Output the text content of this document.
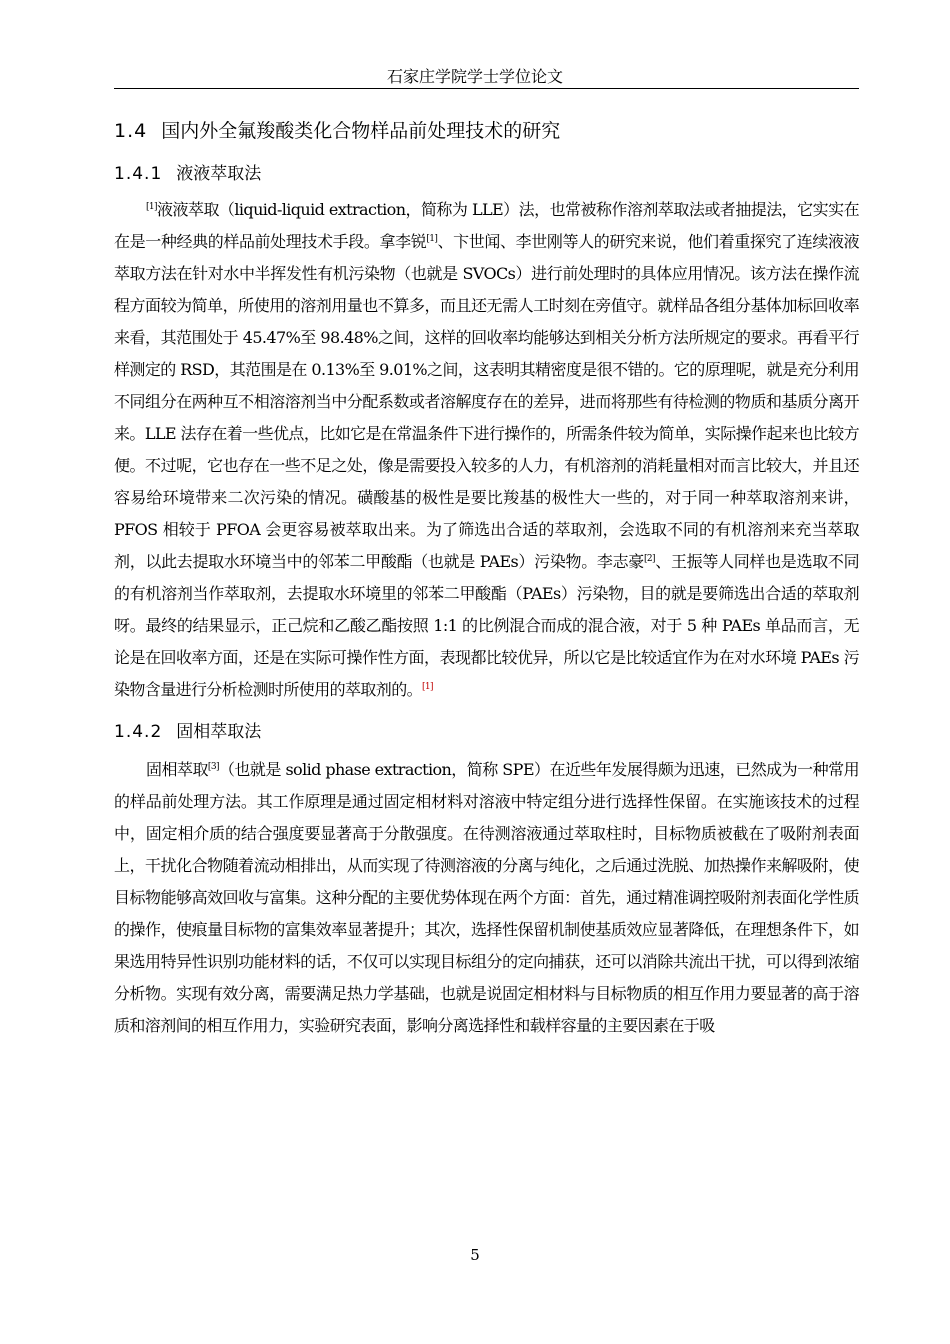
石家庄学院学士学位论文
1.4 国内外全氟羧酸类化合物样品前处理技术的研究
1.4.1 液液萃取法

[1]液液萃取（liquid-liquid extraction，简称为 LLE）法，也常被称作溶剂萃取法或者抽提法，它实实在在是一种经典的样品前处理技术手段。拿李锐[1]、卞世闻、李世刚等人的研究来说，他们着重探究了连续液液萃取方法在针对水中半挥发性有机污染物（也就是 SVOCs）进行前处理时的具体应用情况。该方法在操作流程方面较为简单，所使用的溶剂用量也不算多，而且还无需人工时刻在旁值守。就样品各组分基体加标回收率来看，其范围处于 45.47%至 98.48%之间，这样的回收率均能够达到相关分析方法所规定的要求。再看平行样测定的 RSD，其范围是在 0.13%至 9.01%之间，这表明其精密度是很不错的。它的原理呢，就是充分利用不同组分在两种互不相溶溶剂当中分配系数或者溶解度存在的差异，进而将那些有待检测的物质和基质分离开来。LLE 法存在着一些优点，比如它是在常温条件下进行操作的，所需条件较为简单，实际操作起来也比较方便。不过呢，它也存在一些不足之处，像是需要投入较多的人力，有机溶剂的消耗量相对而言比较大，并且还容易给环境带来二次污染的情况。磺酸基的极性是要比羧基的极性大一些的，对于同一种萃取溶剂来讲，PFOS 相较于 PFOA 会更容易被萃取出来。为了筛选出合适的萃取剂，会选取不同的有机溶剂来充当萃取剂，以此去提取水环境当中的邻苯二甲酸酯（也就是 PAEs）污染物。李志豪[2]、王振等人同样也是选取不同的有机溶剂当作萃取剂，去提取水环境里的邻苯二甲酸酯（PAEs）污染物，目的就是要筛选出合适的萃取剂呀。最终的结果显示，正己烷和乙酸乙酯按照 1:1 的比例混合而成的混合液，对于 5 种 PAEs 单品而言，无论是在回收率方面，还是在实际可操作性方面，表现都比较优异，所以它是比较适宜作为在对水环境 PAEs 污染物含量进行分析检测时所使用的萃取剂的。[1]

1.4.2 固相萃取法

固相萃取[3]（也就是 solid phase extraction，简称 SPE）在近些年发展得颇为迅速，已然成为一种常用的样品前处理方法。其工作原理是通过固定相材料对溶液中特定组分进行选择性保留。在实施该技术的过程中，固定相介质的结合强度要显著高于分散强度。在待测溶液通过萃取柱时，目标物质被截在了吸附剂表面上，干扰化合物随着流动相排出，从而实现了待测溶液的分离与纯化，之后通过洗脱、加热操作来解吸附，使目标物能够高效回收与富集。这种分配的主要优势体现在两个方面：首先，通过精准调控吸附剂表面化学性质的操作，使痕量目标物的富集效率显著提升；其次，选择性保留机制使基质效应显著降低，在理想条件下，如果选用特异性识别功能材料的话，不仅可以实现目标组分的定向捕获，还可以消除共流出干扰，可以得到浓缩分析物。实现有效分离，需要满足热力学基础，也就是说固定相材料与目标物质的相互作用力要显著的高于溶质和溶剂间的相互作用力，实验研究表面，影响分离选择性和载样容量的主要因素在于吸

5
